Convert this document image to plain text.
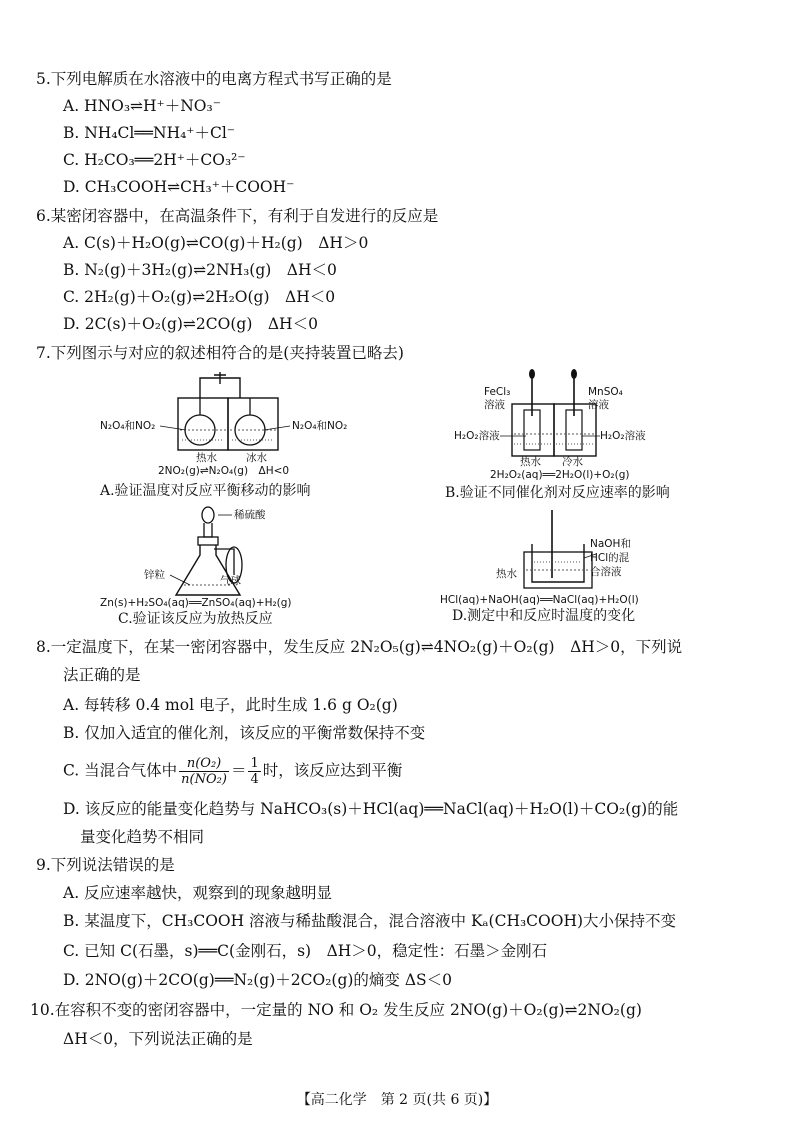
5.下列电解质在水溶液中的电离方程式书写正确的是
A. HNO₃⇌H⁺＋NO₃⁻
B. NH₄Cl══NH₄⁺＋Cl⁻
C. H₂CO₃══2H⁺＋CO₃²⁻
D. CH₃COOH⇌CH₃⁺＋COOH⁻
6.某密闭容器中，在高温条件下，有利于自发进行的反应是
A. C(s)＋H₂O(g)⇌CO(g)＋H₂(g)　ΔH＞0
B. N₂(g)＋3H₂(g)⇌2NH₃(g)　ΔH＜0
C. 2H₂(g)＋O₂(g)⇌2H₂O(g)　ΔH＜0
D. 2C(s)＋O₂(g)⇌2CO(g)　ΔH＜0
7.下列图示与对应的叙述相符合的是(夹持装置已略去)
N₂O₄和NO₂	N₂O₄和NO₂
热水	冰水
2NO₂(g)⇌N₂O₄(g)　ΔH<0
A.验证温度对反应平衡移动的影响
FeCl₃
溶液
MnSO₄
溶液
H₂O₂溶液	H₂O₂溶液
热水 冷水
2H₂O₂(aq)══2H₂O(l)+O₂(g)
B.验证不同催化剂对反应速率的影响
稀硫酸
锌粒	气球
Zn(s)+H₂SO₄(aq)══ZnSO₄(aq)+H₂(g)
C.验证该反应为放热反应
NaOH和
HCl的混
合溶液
热水
HCl(aq)+NaOH(aq)══NaCl(aq)+H₂O(l)
D.测定中和反应时温度的变化
8.一定温度下，在某一密闭容器中，发生反应 2N₂O₅(g)⇌4NO₂(g)＋O₂(g)　ΔH＞0，下列说
法正确的是
A. 每转移 0.4 mol 电子，此时生成 1.6 g O₂(g)
B. 仅加入适宜的催化剂，该反应的平衡常数保持不变
C. 当混合气体中 $\frac{\text{n(O₂)}}{\text{n(NO₂)}} = \frac{1}{4}$ 时，该反应达到平衡
D. 该反应的能量变化趋势与 NaHCO₃(s)＋HCl(aq)══NaCl(aq)＋H₂O(l)＋CO₂(g)的能
量变化趋势不相同
9.下列说法错误的是
A. 反应速率越快，观察到的现象越明显
B. 某温度下，CH₃COOH 溶液与稀盐酸混合，混合溶液中 Kₐ(CH₃COOH)大小保持不变
C. 已知 C(石墨，s)══C(金刚石，s)　ΔH＞0，稳定性：石墨＞金刚石
D. 2NO(g)＋2CO(g)══N₂(g)＋2CO₂(g)的熵变 ΔS＜0
10.在容积不变的密闭容器中，一定量的 NO 和 O₂ 发生反应 2NO(g)＋O₂(g)⇌2NO₂(g)
ΔH＜0，下列说法正确的是
【高二化学　第 2 页(共 6 页)】
